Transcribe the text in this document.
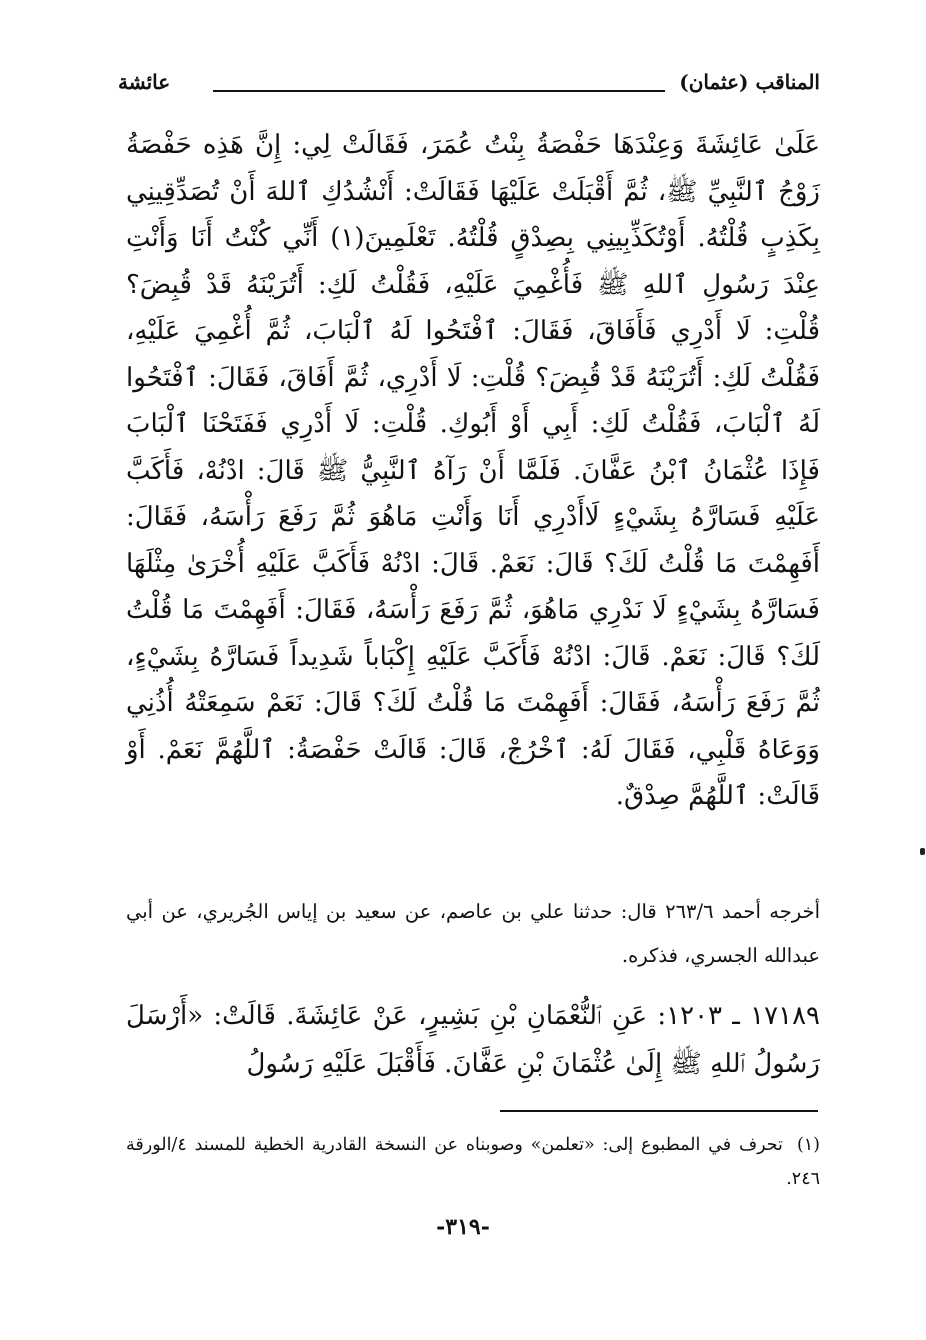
المناقب (عثمان)
عائشة
عَلَىٰ عَائِشَةَ وَعِنْدَهَا حَفْصَةُ بِنْتُ عُمَرَ، فَقَالَتْ لِي: إِنَّ هَذِه حَفْصَةُ زَوْجُ ٱلنَّبِيِّ ﷺ، ثُمَّ أَقْبَلَتْ عَلَيْهَا فَقَالَتْ: أَنْشُدُكِ ٱللهَ أَنْ تُصَدِّقِينِي بِكَذِبٍ قُلْتُهُ. أَوْتُكَذِّبِينِي بِصِدْقٍ قُلْتُهُ. تَعْلَمِينَ(١) أَنِّي كُنْتُ أَنَا وَأَنْتِ عِنْدَ رَسُولِ ٱللهِ ﷺ فَأُغْمِيَ عَلَيْهِ، فَقُلْتُ لَكِ: أَتُرَيْنَهُ قَدْ قُبِضَ؟ قُلْتِ: لَا أَدْرِي فَأَفَاقَ، فَقَالَ: ٱفْتَحُوا لَهُ ٱلْبَابَ، ثُمَّ أُغْمِيَ عَلَيْهِ، فَقُلْتُ لَكِ: أَتُرَيْنَهُ قَدْ قُبِضَ؟ قُلْتِ: لَا أَدْرِي، ثُمَّ أَفَاقَ، فَقَالَ: ٱفْتَحُوا لَهُ ٱلْبَابَ، فَقُلْتُ لَكِ: أَبِي أَوْ أَبُوكِ. قُلْتِ: لَا أَدْرِي فَفَتَحْنَا ٱلْبَابَ فَإِذَا عُثْمَانُ ٱبْنُ عَفَّانَ. فَلَمَّا أَنْ رَآهُ ٱلنَّبِيُّ ﷺ قَالَ: ادْنُهْ، فَأَكَبَّ عَلَيْهِ فَسَارَّهُ بِشَيْءٍ لَاأَدْرِي أَنَا وَأَنْتِ مَاهُوَ ثُمَّ رَفَعَ رَأْسَهُ، فَقَالَ: أَفَهِمْتَ مَا قُلْتُ لَكَ؟ قَالَ: نَعَمْ. قَالَ: ادْنُهْ فَأَكَبَّ عَلَيْهِ أُخْرَىٰ مِثْلَهَا فَسَارَّهُ بِشَيْءٍ لَا نَدْرِي مَاهُوَ، ثُمَّ رَفَعَ رَأْسَهُ، فَقَالَ: أَفَهِمْتَ مَا قُلْتُ لَكَ؟ قَالَ: نَعَمْ. قَالَ: ادْنُهْ فَأَكَبَّ عَلَيْهِ إِكْبَاباً شَدِيداً فَسَارَّهُ بِشَيْءٍ، ثُمَّ رَفَعَ رَأْسَهُ، فَقَالَ: أَفَهِمْتَ مَا قُلْتُ لَكَ؟ قَالَ: نَعَمْ سَمِعَتْهُ أُذُنِي وَوَعَاهُ قَلْبِي، فَقَالَ لَهُ: ٱخْرُجْ، قَالَ: قَالَتْ حَفْصَةُ: ٱللَّهُمَّ نَعَمْ. أَوْ قَالَتْ: ٱللَّهُمَّ صِدْقٌ.
أخرجه أحمد ٢٦٣/٦ قال: حدثنا علي بن عاصم، عن سعيد بن إياس الجُريري، عن أبي عبدالله الجسري، فذكره.
١٧١٨٩ ـ ١٢٠٣: عَنِ ٱلنُّعْمَانِ بْنِ بَشِيرٍ، عَنْ عَائِشَةَ. قَالَتْ: «أَرْسَلَ رَسُولُ ٱللهِ ﷺ إِلَىٰ عُثْمَانَ بْنِ عَفَّانَ. فَأَقْبَلَ عَلَيْهِ رَسُولُ
(١)تحرف في المطبوع إلى: «تعلمن» وصوبناه عن النسخة القادرية الخطية للمسند ٤/الورقة ٢٤٦.
-٣١٩-
